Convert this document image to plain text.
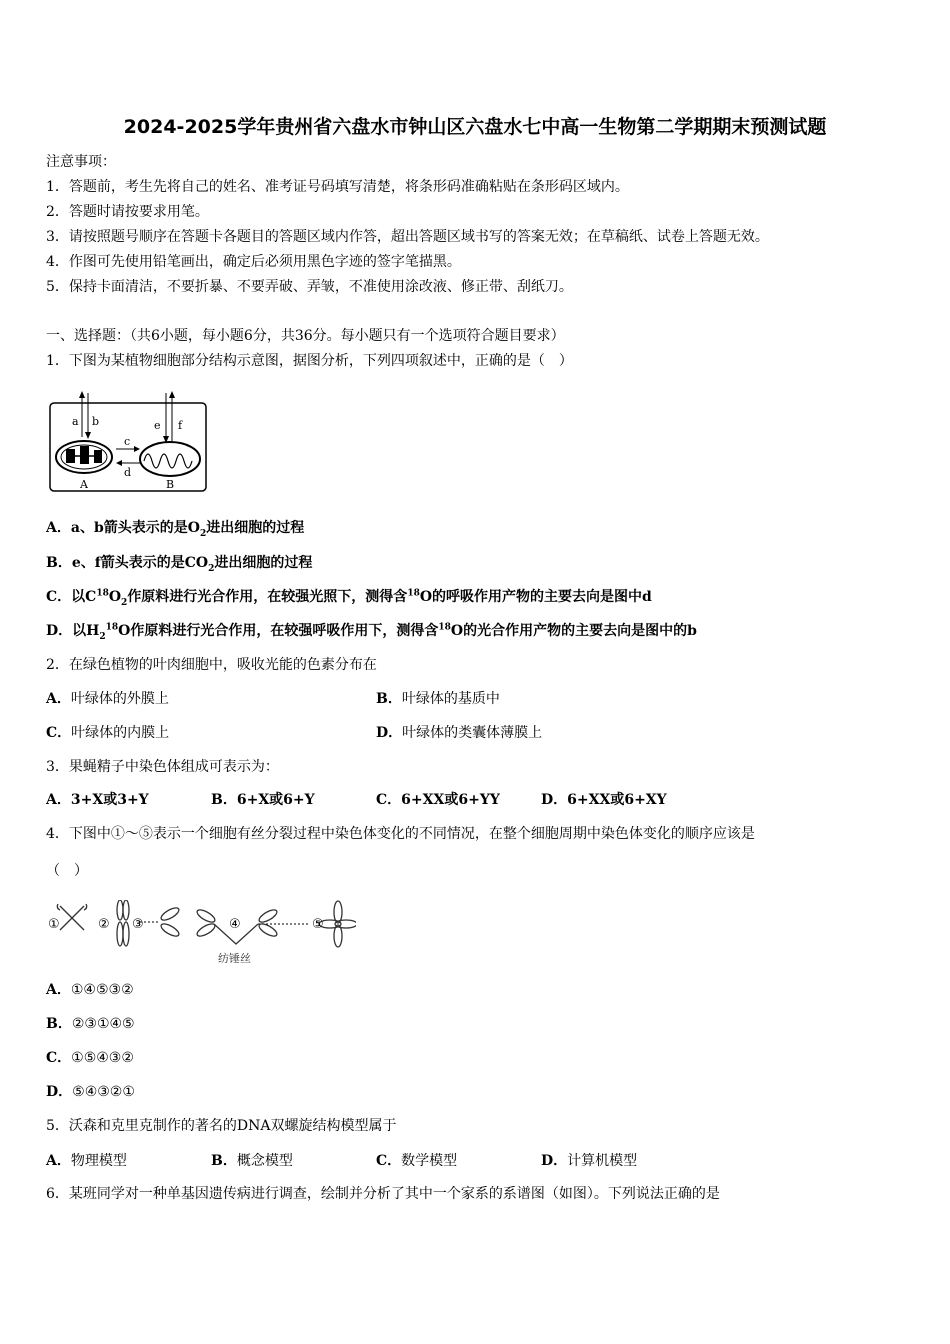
2024-2025学年贵州省六盘水市钟山区六盘水七中高一生物第二学期期末预测试题
注意事项：
1．答题前，考生先将自己的姓名、准考证号码填写清楚，将条形码准确粘贴在条形码区域内。
2．答题时请按要求用笔。
3．请按照题号顺序在答题卡各题目的答题区域内作答，超出答题区域书写的答案无效；在草稿纸、试卷上答题无效。
4．作图可先使用铅笔画出，确定后必须用黑色字迹的签字笔描黑。
5．保持卡面清洁，不要折暴、不要弄破、弄皱，不准使用涂改液、修正带、刮纸刀。
一、选择题：（共6小题，每小题6分，共36分。每小题只有一个选项符合题目要求）
1．下图为某植物细胞部分结构示意图，据图分析，下列四项叙述中，正确的是（　）
a b	e f
c
d
A	B
A．a、b箭头表示的是$O_2$进出细胞的过程
B．e、f箭头表示的是$CO_2$进出细胞的过程
C．以$C^{18}O_2$作原料进行光合作用，在较强光照下，测得含$^{18}$O的呼吸作用产物的主要去向是图中d
D．以$H_2^{18}O$作原料进行光合作用，在较强呼吸作用下，测得含$^{18}$O的光合作用产物的主要去向是图中的b
2．在绿色植物的叶肉细胞中，吸收光能的色素分布在
A．叶绿体的外膜上	B．叶绿体的基质中
C．叶绿体的内膜上	D．叶绿体的类囊体薄膜上
3．果蝇精子中染色体组成可表示为：
A．3+X或3+Y	B．6+X或6+Y	C．6+XX或6+YY	D．6+XX或6+XY
4．下图中①～⑤表示一个细胞有丝分裂过程中染色体变化的不同情况，在整个细胞周期中染色体变化的顺序应该是
（　）
①	② ③	④	⑤
纺锤丝
A．①④⑤③②
B．②③①④⑤
C．①⑤④③②
D．⑤④③②①
5．沃森和克里克制作的著名的DNA双螺旋结构模型属于
A．物理模型	B．概念模型	C．数学模型	D．计算机模型
6．某班同学对一种单基因遗传病进行调查，绘制并分析了其中一个家系的系谱图（如图）。下列说法正确的是
